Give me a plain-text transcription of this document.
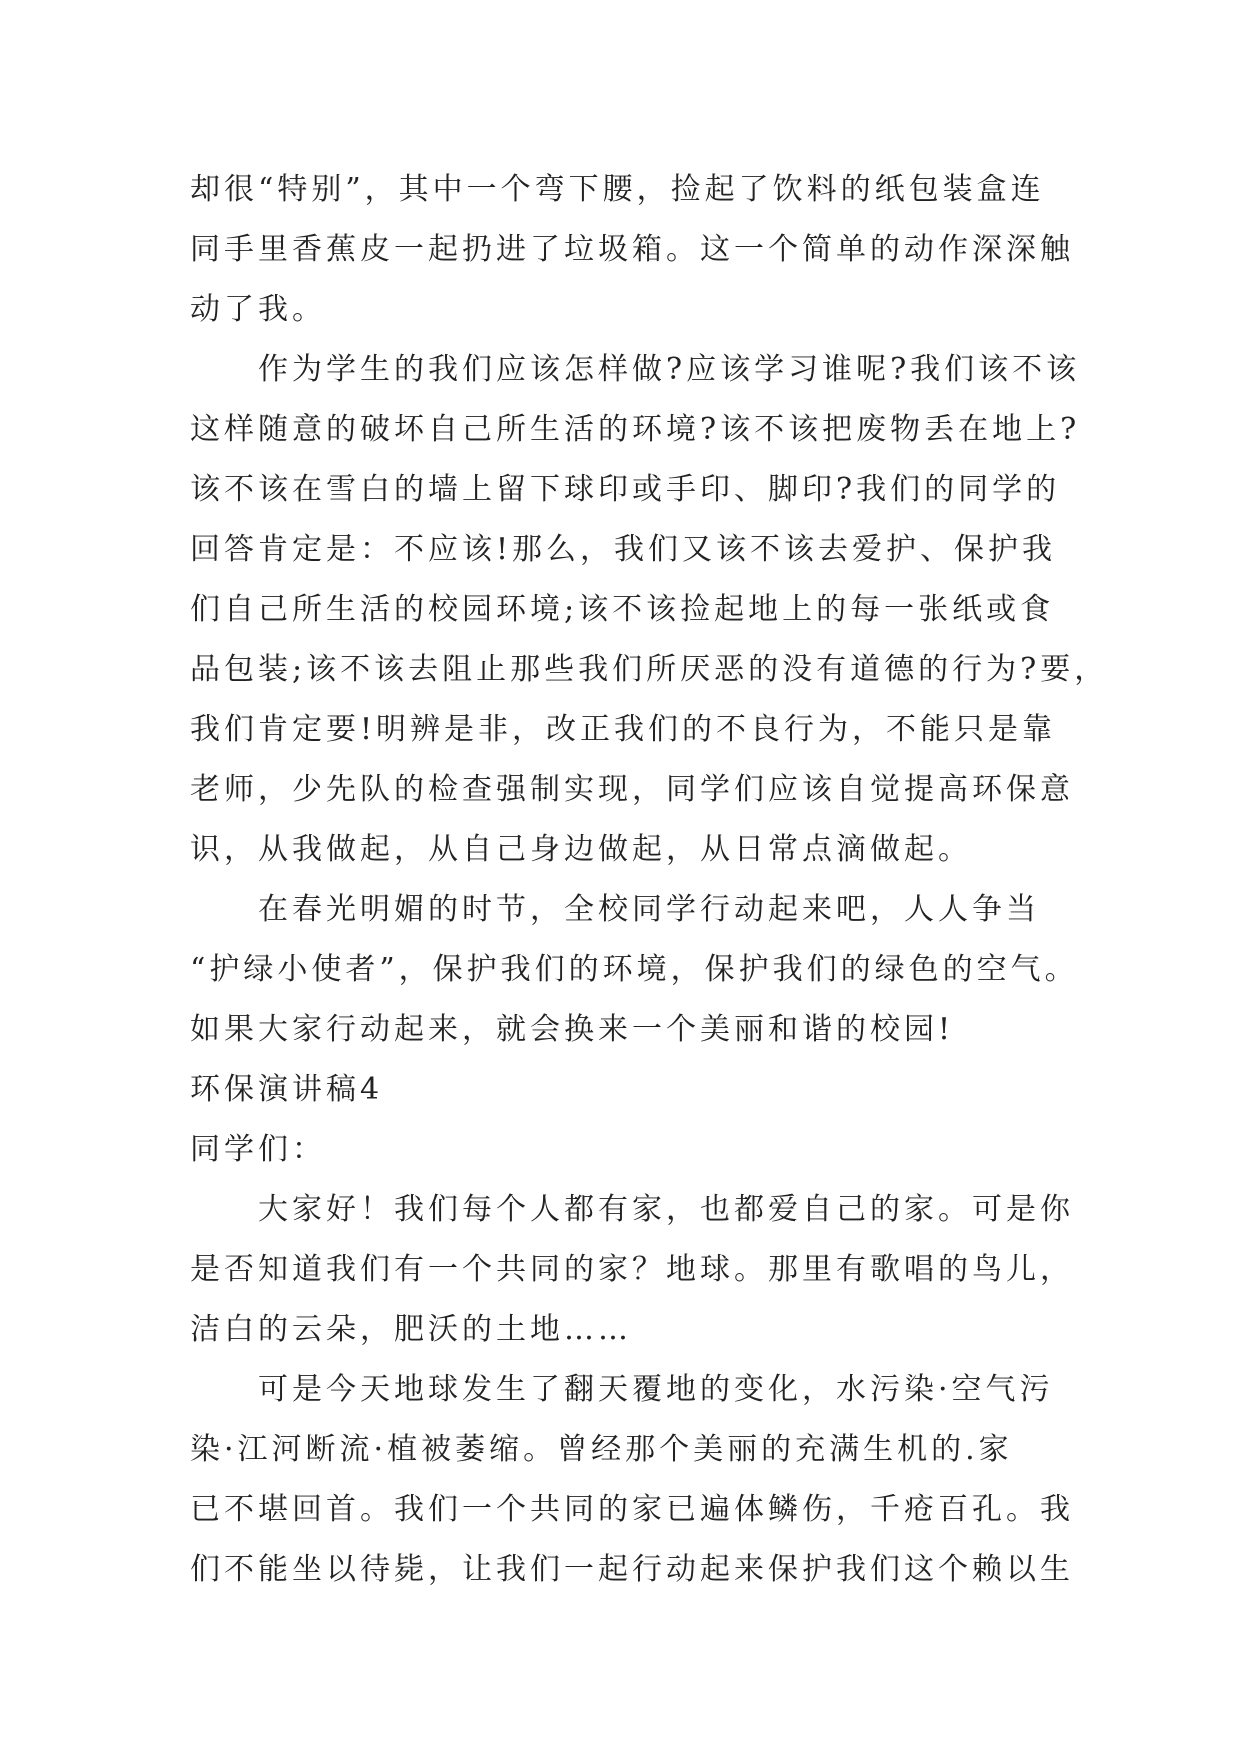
却很“特别”，其中一个弯下腰，捡起了饮料的纸包装盒连
同手里香蕉皮一起扔进了垃圾箱。这一个简单的动作深深触
动了我。
作为学生的我们应该怎样做?应该学习谁呢?我们该不该
这样随意的破坏自己所生活的环境?该不该把废物丢在地上?
该不该在雪白的墙上留下球印或手印、脚印?我们的同学的
回答肯定是：不应该!那么，我们又该不该去爱护、保护我
们自己所生活的校园环境;该不该捡起地上的每一张纸或食
品包装;该不该去阻止那些我们所厌恶的没有道德的行为?要，
我们肯定要!明辨是非，改正我们的不良行为，不能只是靠
老师，少先队的检查强制实现，同学们应该自觉提高环保意
识，从我做起，从自己身边做起，从日常点滴做起。
在春光明媚的时节，全校同学行动起来吧，人人争当
“护绿小使者”，保护我们的环境，保护我们的绿色的空气。
如果大家行动起来，就会换来一个美丽和谐的校园!
环保演讲稿4
同学们：
大家好！我们每个人都有家，也都爱自己的家。可是你
是否知道我们有一个共同的家？地球。那里有歌唱的鸟儿，
洁白的云朵，肥沃的土地……
可是今天地球发生了翻天覆地的变化，水污染·空气污
染·江河断流·植被萎缩。曾经那个美丽的充满生机的.家
已不堪回首。我们一个共同的家已遍体鳞伤，千疮百孔。我
们不能坐以待毙，让我们一起行动起来保护我们这个赖以生
